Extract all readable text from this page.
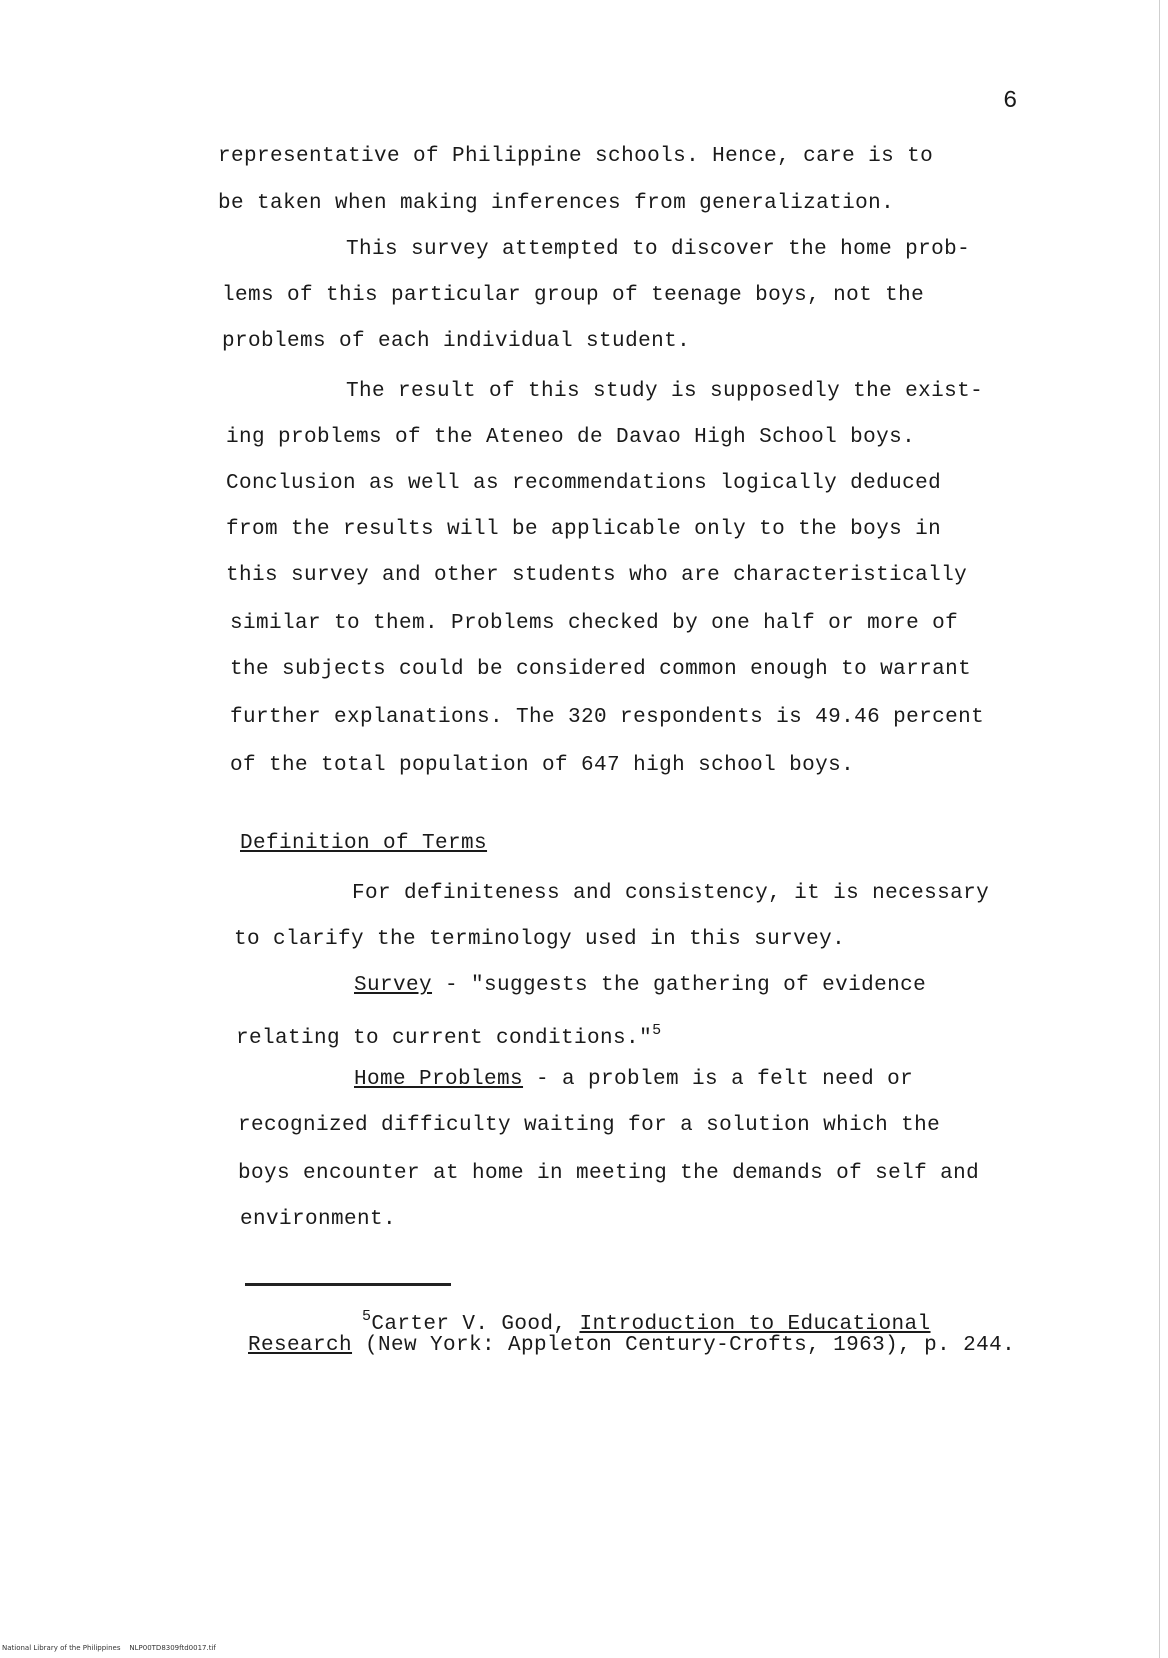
6
representative of Philippine schools. Hence, care is to
be taken when making inferences from generalization.
This survey attempted to discover the home prob-
lems of this particular group of teenage boys, not the
problems of each individual student.
The result of this study is supposedly the exist-
ing problems of the Ateneo de Davao High School boys.
Conclusion as well as recommendations logically deduced
from the results will be applicable only to the boys in
this survey and other students who are characteristically
similar to them. Problems checked by one half or more of
the subjects could be considered common enough to warrant
further explanations. The 320 respondents is 49.46 percent
of the total population of 647 high school boys.
Definition of Terms
For definiteness and consistency, it is necessary
to clarify the terminology used in this survey.
Survey - "suggests the gathering of evidence
relating to current conditions."$^5$
Home Problems - a problem is a felt need or
recognized difficulty waiting for a solution which the
boys encounter at home in meeting the demands of self and
environment.
$^5$Carter V. Good, Introduction to Educational
Research (New York: Appleton Century-Crofts, 1963), p. 244.
National Library of the Philippines    NLP00TD8309ftd0017.tif
